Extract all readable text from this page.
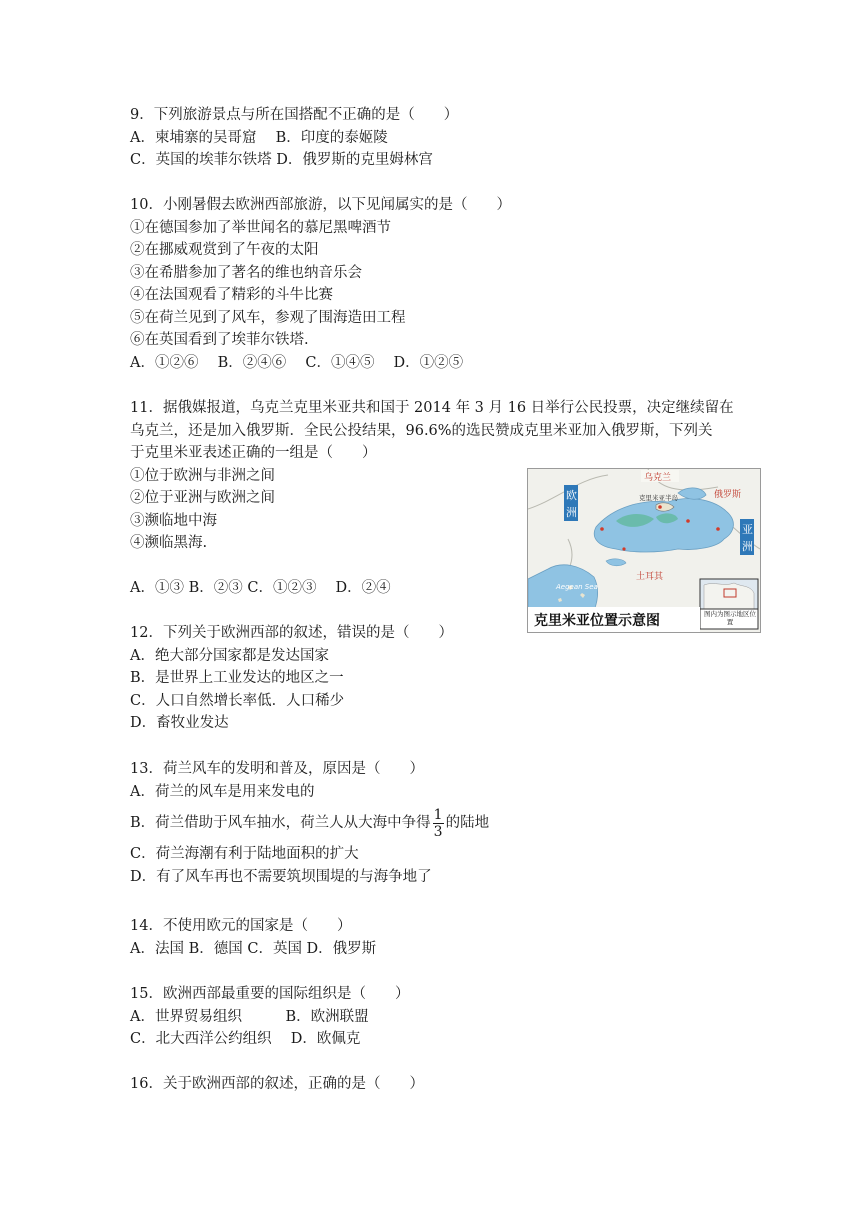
9．下列旅游景点与所在国搭配不正确的是（　　）
A．柬埔寨的吴哥窟　 B．印度的泰姬陵
C．英国的埃菲尔铁塔 D．俄罗斯的克里姆林宫
10．小刚暑假去欧洲西部旅游，以下见闻属实的是（　　）
①在德国参加了举世闻名的慕尼黑啤酒节
②在挪威观赏到了午夜的太阳
③在希腊参加了著名的维也纳音乐会
④在法国观看了精彩的斗牛比赛
⑤在荷兰见到了风车，参观了围海造田工程
⑥在英国看到了埃菲尔铁塔.
A．①②⑥　 B．②④⑥　 C．①④⑤　 D．①②⑤
11．据俄媒报道，乌克兰克里米亚共和国于 2014 年 3 月 16 日举行公民投票，决定继续留在
乌克兰，还是加入俄罗斯．全民公投结果，96.6%的选民赞成克里米亚加入俄罗斯，下列关
于克里米亚表述正确的一组是（　　）
①位于欧洲与非洲之间
②位于亚洲与欧洲之间
③濒临地中海
④濒临黑海.
A．①③ B．②③ C．①②③　 D．②④
乌克兰
俄罗斯
克里米亚半岛
土耳其
Aegean Sea
欧
洲
亚
洲
克里米亚位置示意图	图内为图示地区位置
12．下列关于欧洲西部的叙述，错误的是（　　）
A．绝大部分国家都是发达国家
B．是世界上工业发达的地区之一
C．人口自然增长率低．人口稀少
D．畜牧业发达
13．荷兰风车的发明和普及，原因是（　　）
A．荷兰的风车是用来发电的
B．荷兰借助于风车抽水，荷兰人从大海中争得 $\frac{1}{3}$ 的陆地
C．荷兰海潮有利于陆地面积的扩大
D．有了风车再也不需要筑坝围堤的与海争地了
14．不使用欧元的国家是（　　）
A．法国 B．德国 C．英国 D．俄罗斯
15．欧洲西部最重要的国际组织是（　　）
A．世界贸易组织　　　B．欧洲联盟
C．北大西洋公约组织　 D．欧佩克
16．关于欧洲西部的叙述，正确的是（　　）
